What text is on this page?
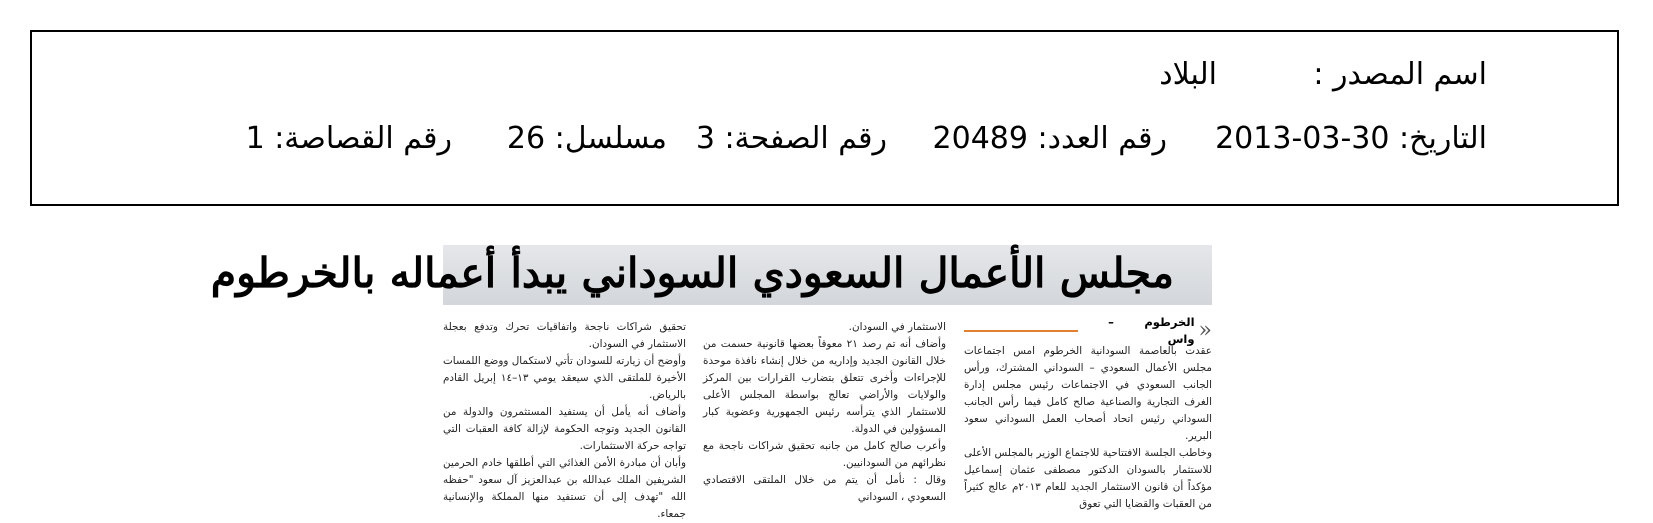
اسم المصدر :
البلاد
التاريخ: 30-03-2013
رقم العدد: 20489
رقم الصفحة: 3
مسلسل: 26
رقم القصاصة: 1
مجلس الأعمال السعودي السوداني يبدأ أعماله بالخرطوم
«
الخرطوم – واس

عقدت بالعاصمة السودانية الخرطوم امس اجتماعات مجلس الأعمال السعودي – السوداني المشترك، ورأس الجانب السعودي في الاجتماعات رئيس مجلس إدارة الغرف التجارية والصناعية صالح كامل فيما رأس الجانب السوداني رئيس اتحاد أصحاب العمل السوداني سعود البرير.

وخاطب الجلسة الافتتاحية للاجتماع الوزير بالمجلس الأعلى للاستثمار بالسودان الدكتور مصطفى عثمان إسماعيل مؤكداً أن قانون الاستثمار الجديد للعام ٢٠١٣م عالج كثيراً من العقبات والقضايا التي تعوق

الاستثمار في السودان.

وأضاف أنه تم رصد ٢١ معوقاً بعضها قانونية حسمت من خلال القانون الجديد وإداريه من خلال إنشاء نافذة موحدة للإجراءات وأخرى تتعلق بتضارب القرارات بين المركز والولايات والأراضي تعالج بواسطة المجلس الأعلى للاستثمار الذي يترأسه رئيس الجمهورية وعضوية كبار المسؤولين في الدولة.

وأعرب صالح كامل من جانبه تحقيق شراكات ناجحة مع نظرائهم من السودانيين.

وقال : نأمل أن يتم من خلال الملتقى الاقتصادي السعودي ، السوداني

تحقيق شراكات ناجحة واتفاقيات تحرك وتدفع بعجلة الاستثمار في السودان.

وأوضح أن زيارته للسودان تأتي لاستكمال ووضع اللمسات الأخيرة للملتقى الذي سيعقد يومي ١٣–١٤ إبريل القادم بالرياض.

وأضاف أنه يأمل أن يستفيد المستثمرون والدولة من القانون الجديد وتوجه الحكومة لإزالة كافة العقبات التي تواجه حركة الاستثمارات.

وأبان أن مبادرة الأمن الغذائي التي أطلقها خادم الحرمين الشريفين الملك عبدالله بن عبدالعزيز آل سعود "حفظه الله "تهدف إلى أن تستفيد منها المملكة والإنسانية جمعاء.
